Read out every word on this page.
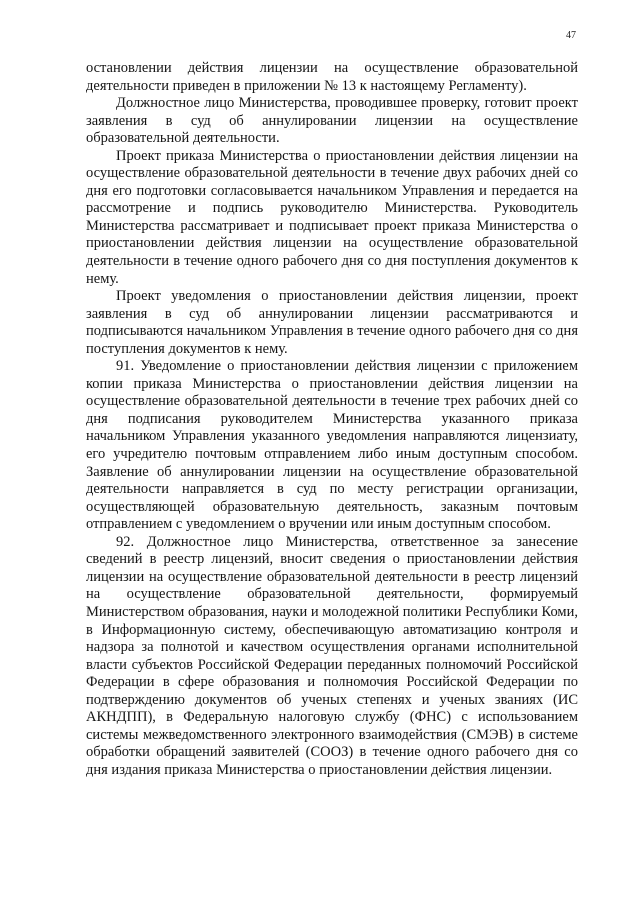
47

остановлении действия лицензии на осуществление образовательной деятельности приведен в приложении № 13 к настоящему Регламенту).

Должностное лицо Министерства, проводившее проверку, готовит проект заявления в суд об аннулировании лицензии на осуществление образовательной деятельности.

Проект приказа Министерства о приостановлении действия лицензии на осуществление образовательной деятельности в течение двух рабочих дней со дня его подготовки согласовывается начальником Управления и передается на рассмотрение и подпись руководителю Министерства. Руководитель Министерства рассматривает и подписывает проект приказа Министерства о приостановлении действия лицензии на осуществление образовательной деятельности в течение одного рабочего дня со дня поступления документов к нему.

Проект уведомления о приостановлении действия лицензии, проект заявления в суд об аннулировании лицензии рассматриваются и подписываются начальником Управления в течение одного рабочего дня со дня поступления документов к нему.

91. Уведомление о приостановлении действия лицензии с приложением копии приказа Министерства о приостановлении действия лицензии на осуществление образовательной деятельности в течение трех рабочих дней со дня подписания руководителем Министерства указанного приказа начальником Управления указанного уведомления направляются лицензиату, его учредителю почтовым отправлением либо иным доступным способом. Заявление об аннулировании лицензии на осуществление образовательной деятельности направляется в суд по месту регистрации организации, осуществляющей образовательную деятельность, заказным почтовым отправлением с уведомлением о вручении или иным доступным способом.

92. Должностное лицо Министерства, ответственное за занесение сведений в реестр лицензий, вносит сведения о приостановлении действия лицензии на осуществление образовательной деятельности в реестр лицензий на осуществление образовательной деятельности, формируемый Министерством образования, науки и молодежной политики Республики Коми, в Информационную систему, обеспечивающую автоматизацию контроля и надзора за полнотой и качеством осуществления органами исполнительной власти субъектов Российской Федерации переданных полномочий Российской Федерации в сфере образования и полномочия Российской Федерации по подтверждению документов об ученых степенях и ученых званиях (ИС АКНДПП), в Федеральную налоговую службу (ФНС) с использованием системы межведомственного электронного взаимодействия (СМЭВ) в системе обработки обращений заявителей (СООЗ) в течение одного рабочего дня со дня издания приказа Министерства о приостановлении действия лицензии.
